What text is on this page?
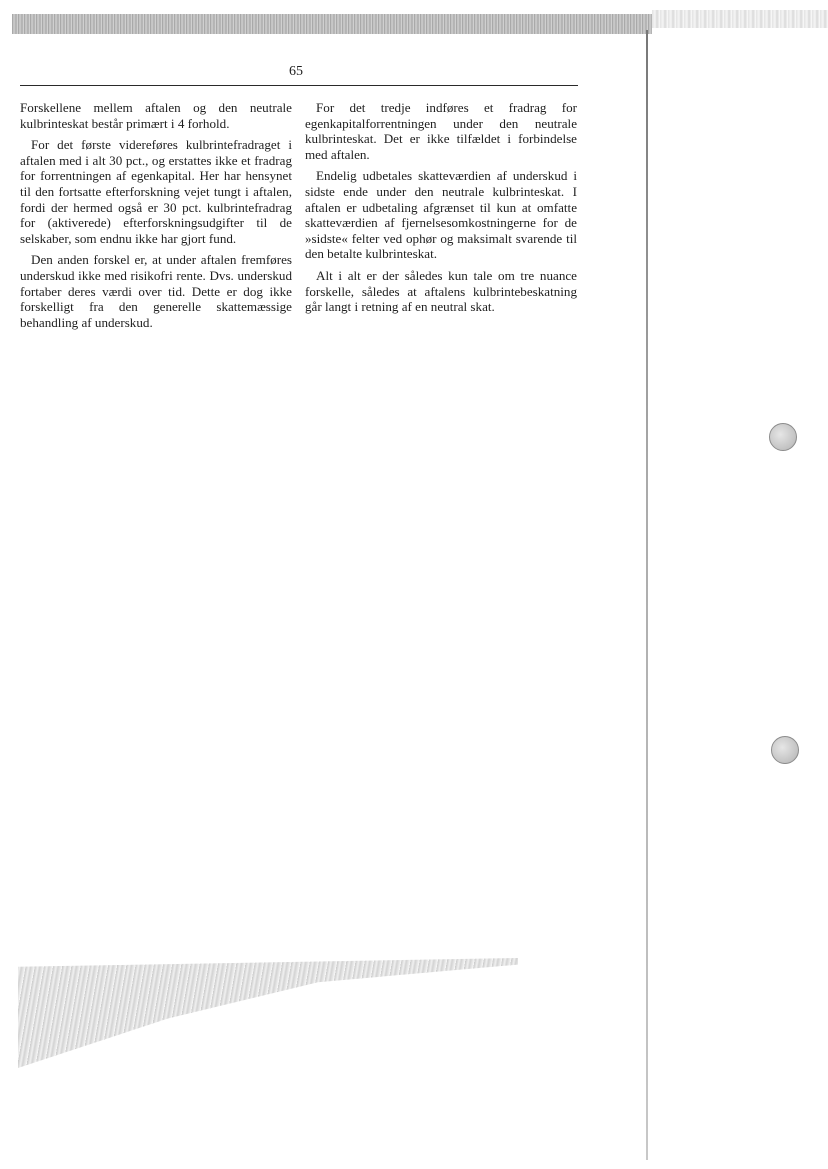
65

Forskellene mellem aftalen og den neutrale kulbrinteskat består primært i 4 forhold.

For det første videreføres kulbrintefradraget i aftalen med i alt 30 pct., og erstattes ikke et fradrag for forrentningen af egenkapital. Her har hensynet til den fortsatte efterforskning vejet tungt i aftalen, fordi der hermed også er 30 pct. kulbrintefradrag for (aktiverede) efterforskningsudgifter til de selskaber, som endnu ikke har gjort fund.

Den anden forskel er, at under aftalen fremføres underskud ikke med risikofri rente. Dvs. underskud fortaber deres værdi over tid. Dette er dog ikke forskelligt fra den generelle skattemæssige behandling af underskud.

For det tredje indføres et fradrag for egenkapitalforrentningen under den neutrale kulbrinteskat. Det er ikke tilfældet i forbindelse med aftalen.

Endelig udbetales skatteværdien af underskud i sidste ende under den neutrale kulbrinteskat. I aftalen er udbetaling afgrænset til kun at omfatte skatteværdien af fjernelsesomkostningerne for de »sidste« felter ved ophør og maksimalt svarende til den betalte kulbrinteskat.

Alt i alt er der således kun tale om tre nuance forskelle, således at aftalens kulbrintebeskatning går langt i retning af en neutral skat.
